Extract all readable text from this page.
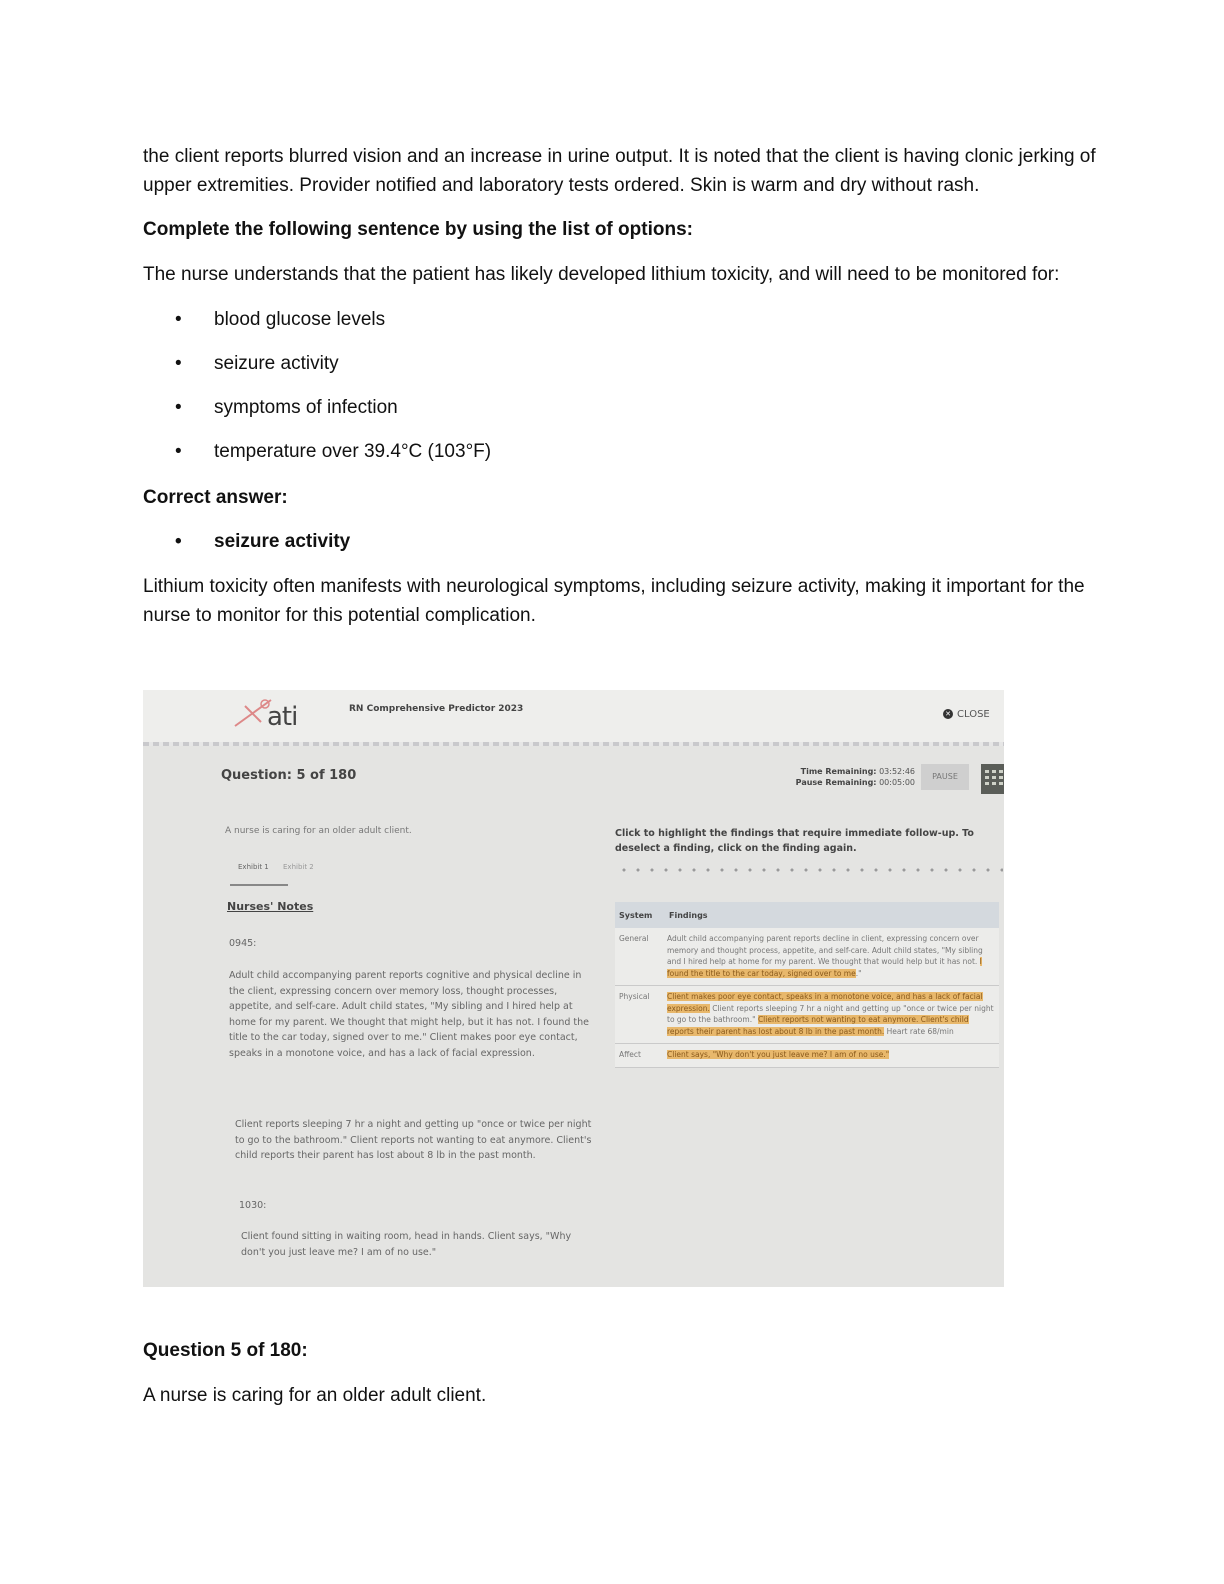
the client reports blurred vision and an increase in urine output. It is noted that the client is having clonic jerking of upper extremities. Provider notified and laboratory tests ordered. Skin is warm and dry without rash.

Complete the following sentence by using the list of options:

The nurse understands that the patient has likely developed lithium toxicity, and will need to be monitored for:

• blood glucose levels
• seizure activity
• symptoms of infection
• temperature over 39.4°C (103°F)

Correct answer:

• seizure activity

Lithium toxicity often manifests with neurological symptoms, including seizure activity, making it important for the nurse to monitor for this potential complication.

Question 5 of 180:

A nurse is caring for an older adult client.

ati	RN Comprehensive Predictor 2023	✕ CLOSE
Question: 5 of 180	Time Remaining: 03:52:46
Pause Remaining: 00:05:00
PAUSE
A nurse is caring for an older adult client.
Exhibit 1 Exhibit 2
Nurses' Notes
0945:
Adult child accompanying parent reports cognitive and physical decline in the client, expressing concern over memory loss, thought processes, appetite, and self-care. Adult child states, "My sibling and I hired help at home for my parent. We thought that might help, but it has not. I found the title to the car today, signed over to me." Client makes poor eye contact, speaks in a monotone voice, and has a lack of facial expression.
Client reports sleeping 7 hr a night and getting up "once or twice per night to go to the bathroom." Client reports not wanting to eat anymore. Client's child reports their parent has lost about 8 lb in the past month.
1030:
Client found sitting in waiting room, head in hands. Client says, "Why don't you just leave me? I am of no use."
Click to highlight the findings that require immediate follow-up. To deselect a finding, click on the finding again.
System Findings
General Adult child accompanying parent reports decline in client, expressing concern over memory and thought process, appetite, and self-care. Adult child states, "My sibling and I hired help at home for my parent. We thought that would help but it has not. I found the title to the car today, signed over to me."
Physical Client makes poor eye contact, speaks in a monotone voice, and has a lack of facial expression. Client reports sleeping 7 hr a night and getting up "once or twice per night to go to the bathroom." Client reports not wanting to eat anymore. Client's child reports their parent has lost about 8 lb in the past month. Heart rate 68/min
Affect	Client says, "Why don't you just leave me? I am of no use."
